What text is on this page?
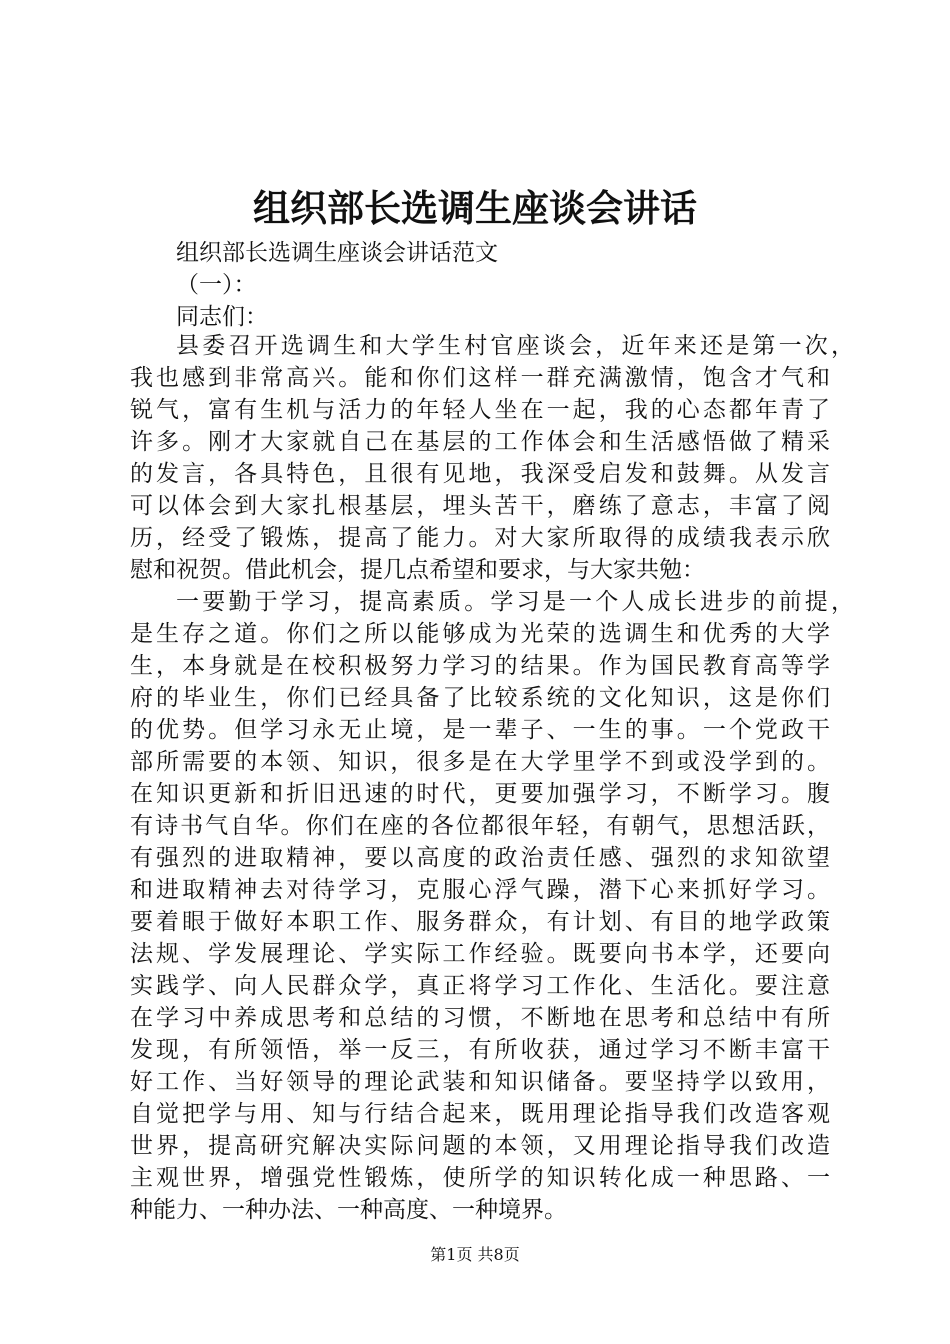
组织部长选调生座谈会讲话
组织部长选调生座谈会讲话范文
（一）：
同志们：
县委召开选调生和大学生村官座谈会，近年来还是第一次，
我也感到非常高兴。能和你们这样一群充满激情，饱含才气和
锐气，富有生机与活力的年轻人坐在一起，我的心态都年青了
许多。刚才大家就自己在基层的工作体会和生活感悟做了精采
的发言，各具特色，且很有见地，我深受启发和鼓舞。从发言
可以体会到大家扎根基层，埋头苦干，磨练了意志，丰富了阅
历，经受了锻炼，提高了能力。对大家所取得的成绩我表示欣
慰和祝贺。借此机会，提几点希望和要求，与大家共勉：
一要勤于学习，提高素质。学习是一个人成长进步的前提，
是生存之道。你们之所以能够成为光荣的选调生和优秀的大学
生，本身就是在校积极努力学习的结果。作为国民教育高等学
府的毕业生，你们已经具备了比较系统的文化知识，这是你们
的优势。但学习永无止境，是一辈子、一生的事。一个党政干
部所需要的本领、知识，很多是在大学里学不到或没学到的。
在知识更新和折旧迅速的时代，更要加强学习，不断学习。腹
有诗书气自华。你们在座的各位都很年轻，有朝气，思想活跃，
有强烈的进取精神，要以高度的政治责任感、强烈的求知欲望
和进取精神去对待学习，克服心浮气躁，潜下心来抓好学习。
要着眼于做好本职工作、服务群众，有计划、有目的地学政策
法规、学发展理论、学实际工作经验。既要向书本学，还要向
实践学、向人民群众学，真正将学习工作化、生活化。要注意
在学习中养成思考和总结的习惯，不断地在思考和总结中有所
发现，有所领悟，举一反三，有所收获，通过学习不断丰富干
好工作、当好领导的理论武装和知识储备。要坚持学以致用，
自觉把学与用、知与行结合起来，既用理论指导我们改造客观
世界，提高研究解决实际问题的本领，又用理论指导我们改造
主观世界，增强党性锻炼，使所学的知识转化成一种思路、一
种能力、一种办法、一种高度、一种境界。
第1页 共8页
